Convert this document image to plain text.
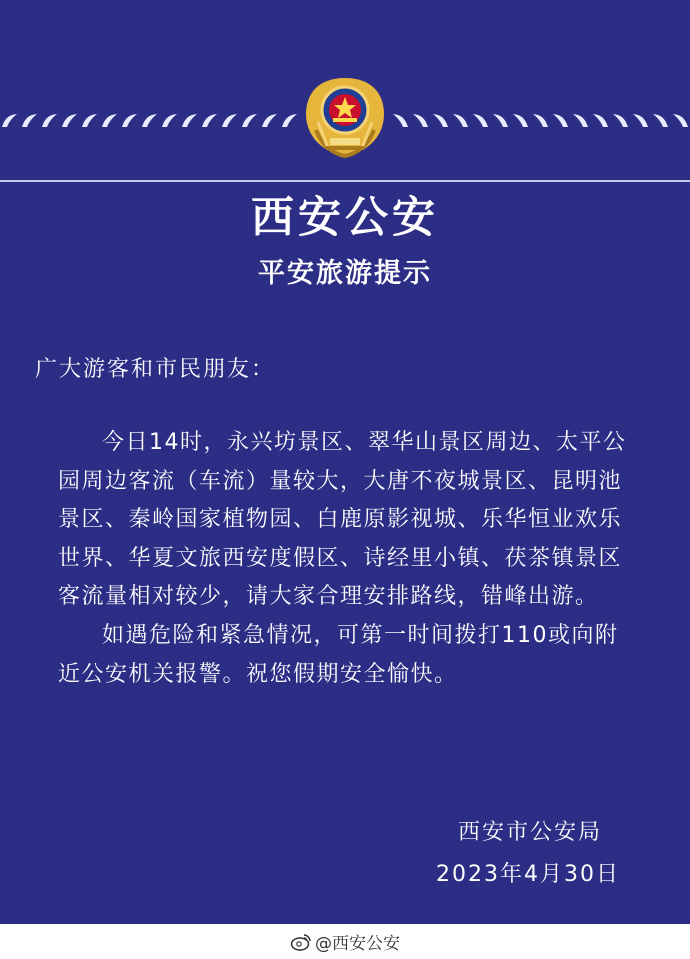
西安公安
平安旅游提示
广大游客和市民朋友：

今日14时，永兴坊景区、翠华山景区周边、太平公园周边客流（车流）量较大，大唐不夜城景区、昆明池景区、秦岭国家植物园、白鹿原影视城、乐华恒业欢乐世界、华夏文旅西安度假区、诗经里小镇、茯茶镇景区客流量相对较少，请大家合理安排路线，错峰出游。

如遇危险和紧急情况，可第一时间拨打110或向附近公安机关报警。祝您假期安全愉快。

西安市公安局
2023年4月30日
@西安公安
